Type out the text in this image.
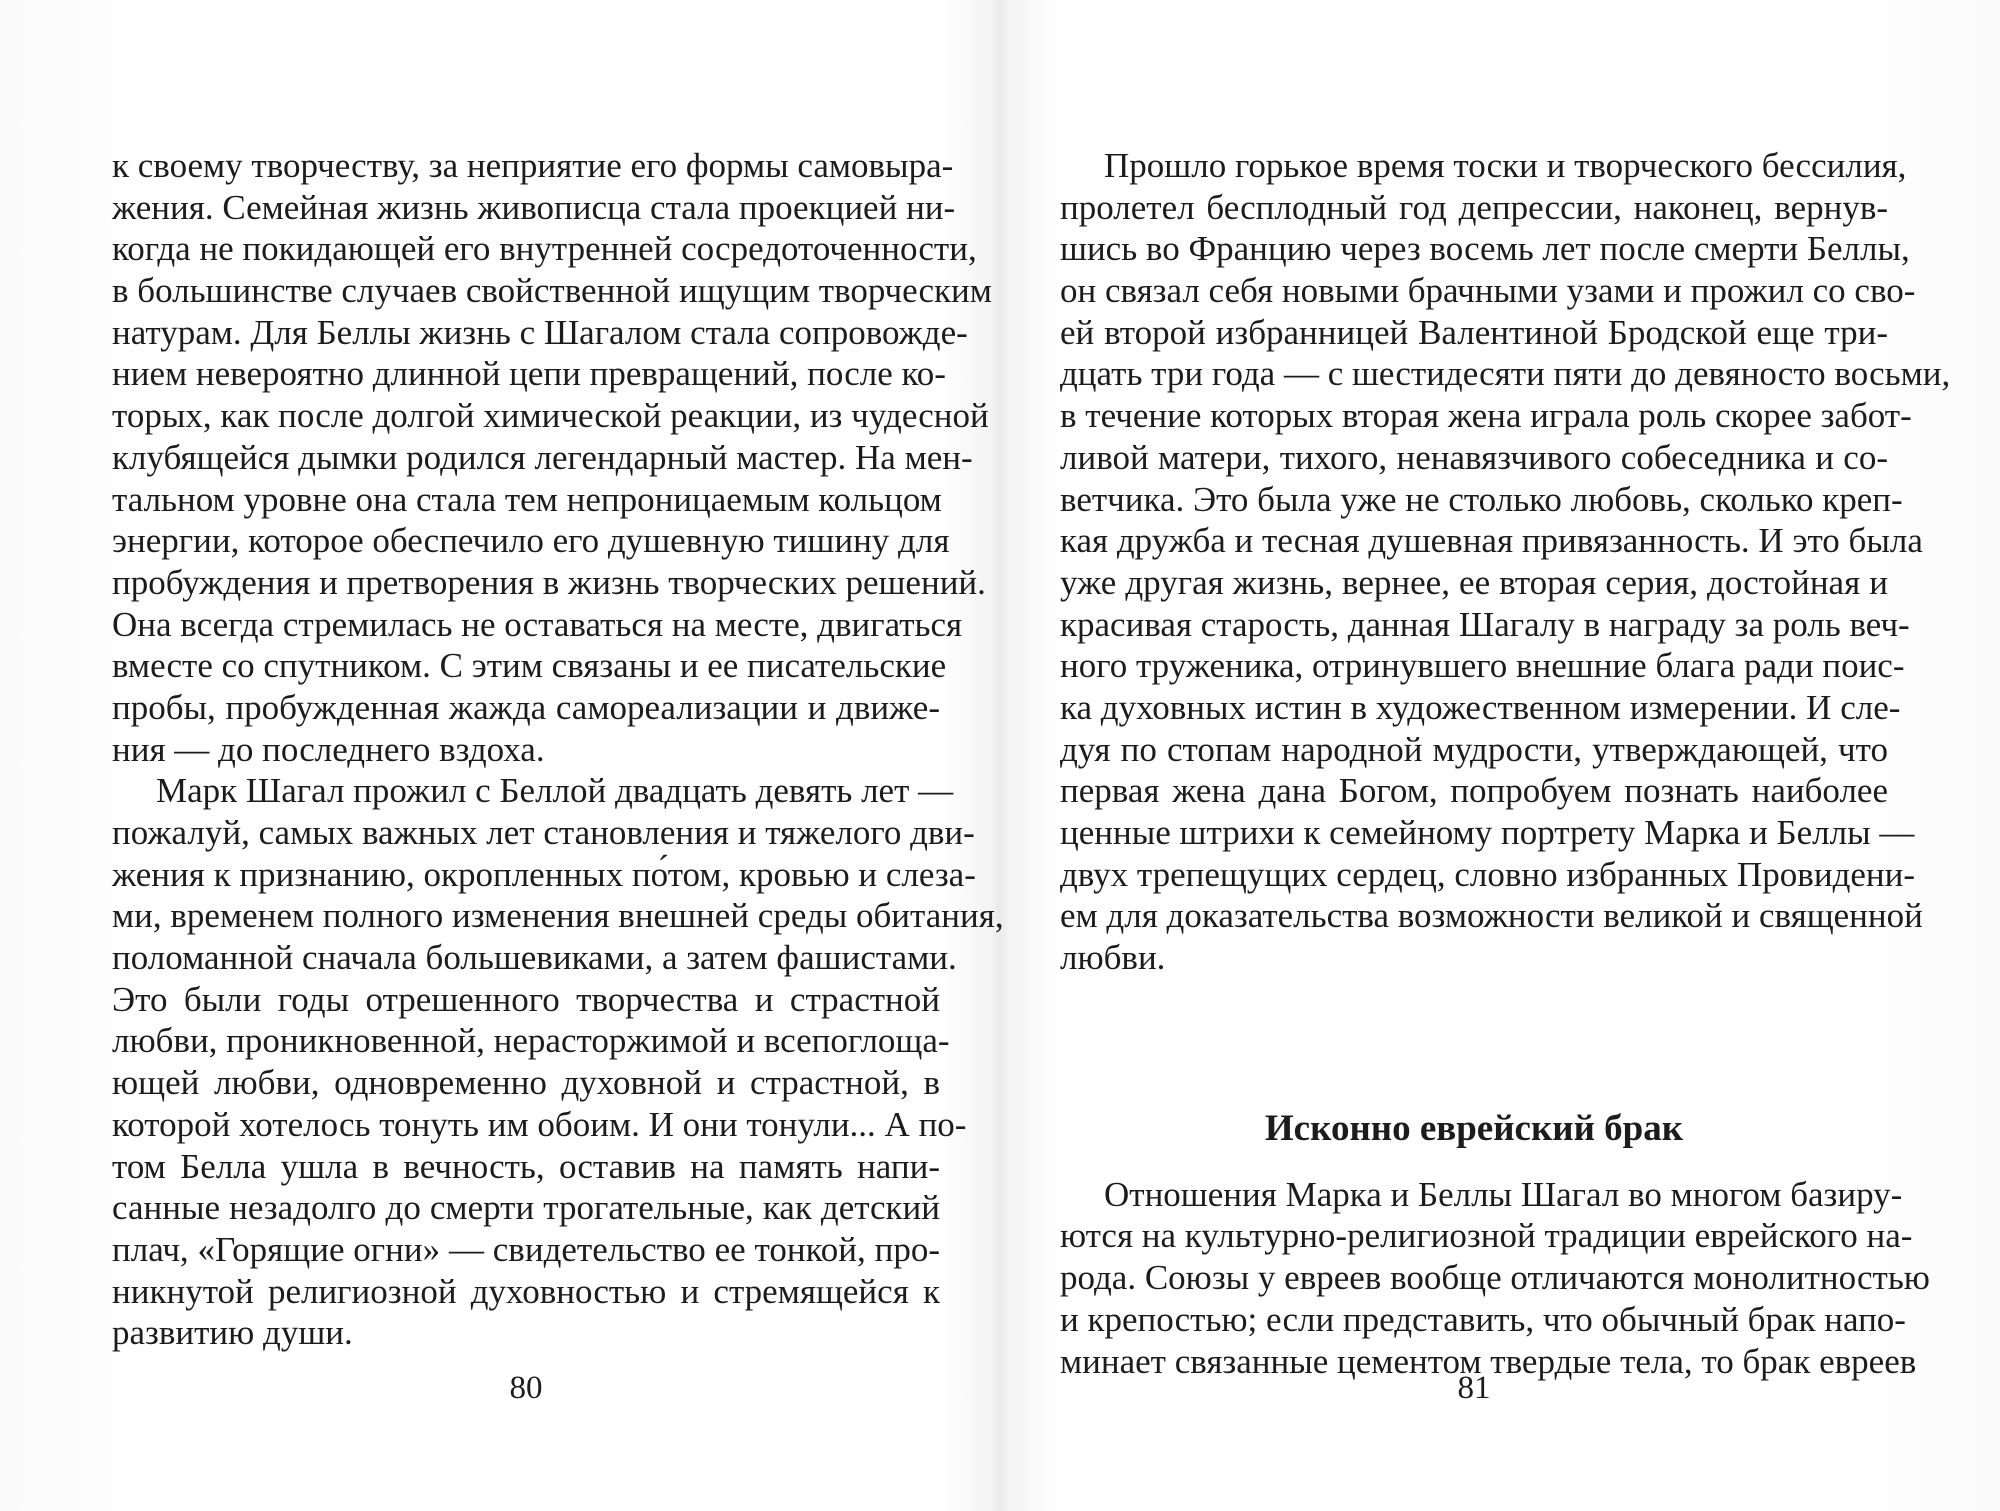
к своему творчеству, за неприятие его формы самовыра-
жения. Семейная жизнь живописца стала проекцией ни-
когда не покидающей его внутренней сосредоточенности,
в большинстве случаев свойственной ищущим творческим
натурам. Для Беллы жизнь с Шагалом стала сопровожде-
нием невероятно длинной цепи превращений, после ко-
торых, как после долгой химической реакции, из чудесной
клубящейся дымки родился легендарный мастер. На мен-
тальном уровне она стала тем непроницаемым кольцом
энергии, которое обеспечило его душевную тишину для
пробуждения и претворения в жизнь творческих решений.
Она всегда стремилась не оставаться на месте, двигаться
вместе со спутником. С этим связаны и ее писательские
пробы, пробужденная жажда самореализации и движе-
ния — до последнего вздоха.
Марк Шагал прожил с Беллой двадцать девять лет —
пожалуй, самых важных лет становления и тяжелого дви-
жения к признанию, окропленных по́том, кровью и слеза-
ми, временем полного изменения внешней среды обитания,
поломанной сначала большевиками, а затем фашистами.
Это были годы отрешенного творчества и страстной
любви, проникновенной, нерасторжимой и всепоглоща-
ющей любви, одновременно духовной и страстной, в
которой хотелось тонуть им обоим. И они тонули... А по-
том Белла ушла в вечность, оставив на память напи-
санные незадолго до смерти трогательные, как детский
плач, «Горящие огни» — свидетельство ее тонкой, про-
никнутой религиозной духовностью и стремящейся к
развитию души.
80
Прошло горькое время тоски и творческого бессилия,
пролетел бесплодный год депрессии, наконец, вернув-
шись во Францию через восемь лет после смерти Беллы,
он связал себя новыми брачными узами и прожил со сво-
ей второй избранницей Валентиной Бродской еще три-
дцать три года — с шестидесяти пяти до девяносто восьми,
в течение которых вторая жена играла роль скорее забот-
ливой матери, тихого, ненавязчивого собеседника и со-
ветчика. Это была уже не столько любовь, сколько креп-
кая дружба и тесная душевная привязанность. И это была
уже другая жизнь, вернее, ее вторая серия, достойная и
красивая старость, данная Шагалу в награду за роль веч-
ного труженика, отринувшего внешние блага ради поис-
ка духовных истин в художественном измерении. И сле-
дуя по стопам народной мудрости, утверждающей, что
первая жена дана Богом, попробуем познать наиболее
ценные штрихи к семейному портрету Марка и Беллы —
двух трепещущих сердец, словно избранных Провидени-
ем для доказательства возможности великой и священной
любви.
Исконно еврейский брак
Отношения Марка и Беллы Шагал во многом базиру-
ются на культурно-религиозной традиции еврейского на-
рода. Союзы у евреев вообще отличаются монолитностью
и крепостью; если представить, что обычный брак напо-
минает связанные цементом твердые тела, то брак евреев
81
